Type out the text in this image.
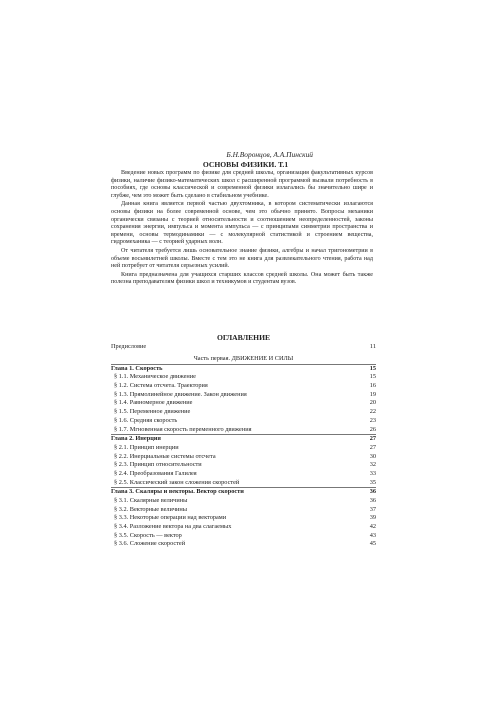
Б.Н.Воронцов, А.А.Пинский
ОСНОВЫ ФИЗИКИ. Т.1

Введение новых программ по физике для средней школы, организация факультативных курсов физики, наличие физико-математических школ с расширенной программой вызвали потребность в пособиях, где основы классической и современной физики излагались бы значительно шире и глубже, чем это может быть сделано в стабильном учебнике.

Данная книга является первой частью двухтомника, в котором систематически излагаются основы физики на более современной основе, чем это обычно принято. Вопросы механики органически связаны с теорией относительности и соотношением неопределенностей, законы сохранения энергии, импульса и момента импульса — с принципами симметрии пространства и времени, основы термодинамики — с молекулярной статистикой и строением вещества, гидромеханика — с теорией ударных волн.

От читателя требуется лишь основательное знание физики, алгебры и начал тригонометрии в объеме восьмилетней школы. Вместе с тем это не книга для развлекательного чтения, работа над ней потребует от читателя серьезных усилий.

Книга предназначена для учащихся старших классов средней школы. Она может быть также полезна преподавателям физики школ и техникумов и студентам вузов.

ОГЛАВЛЕНИЕ
Предисловие	11
Часть первая. ДВИЖЕНИЕ И СИЛЫ
Глава 1. Скорость	15
§ 1.1. Механическое движение	15
§ 1.2. Система отсчета. Траектория	16
§ 1.3. Прямолинейное движение. Закон движения	19
§ 1.4. Равномерное движение	20
§ 1.5. Переменное движение	22
§ 1.6. Средняя скорость	23
§ 1.7. Мгновенная скорость переменного движения	26
Глава 2. Инерция	27
§ 2.1. Принцип инерции	27
§ 2.2. Инерциальные системы отсчета	30
§ 2.3. Принцип относительности	32
§ 2.4. Преобразования Галилея	33
§ 2.5. Классический закон сложения скоростей	35
Глава 3. Скаляры и векторы. Вектор скорости	36
§ 3.1. Скалярные величины	36
§ 3.2. Векторные величины	37
§ 3.3. Некоторые операции над векторами	39
§ 3.4. Разложение вектора на два слагаемых	42
§ 3.5. Скорость — вектор	43
§ 3.6. Сложение скоростей	45
